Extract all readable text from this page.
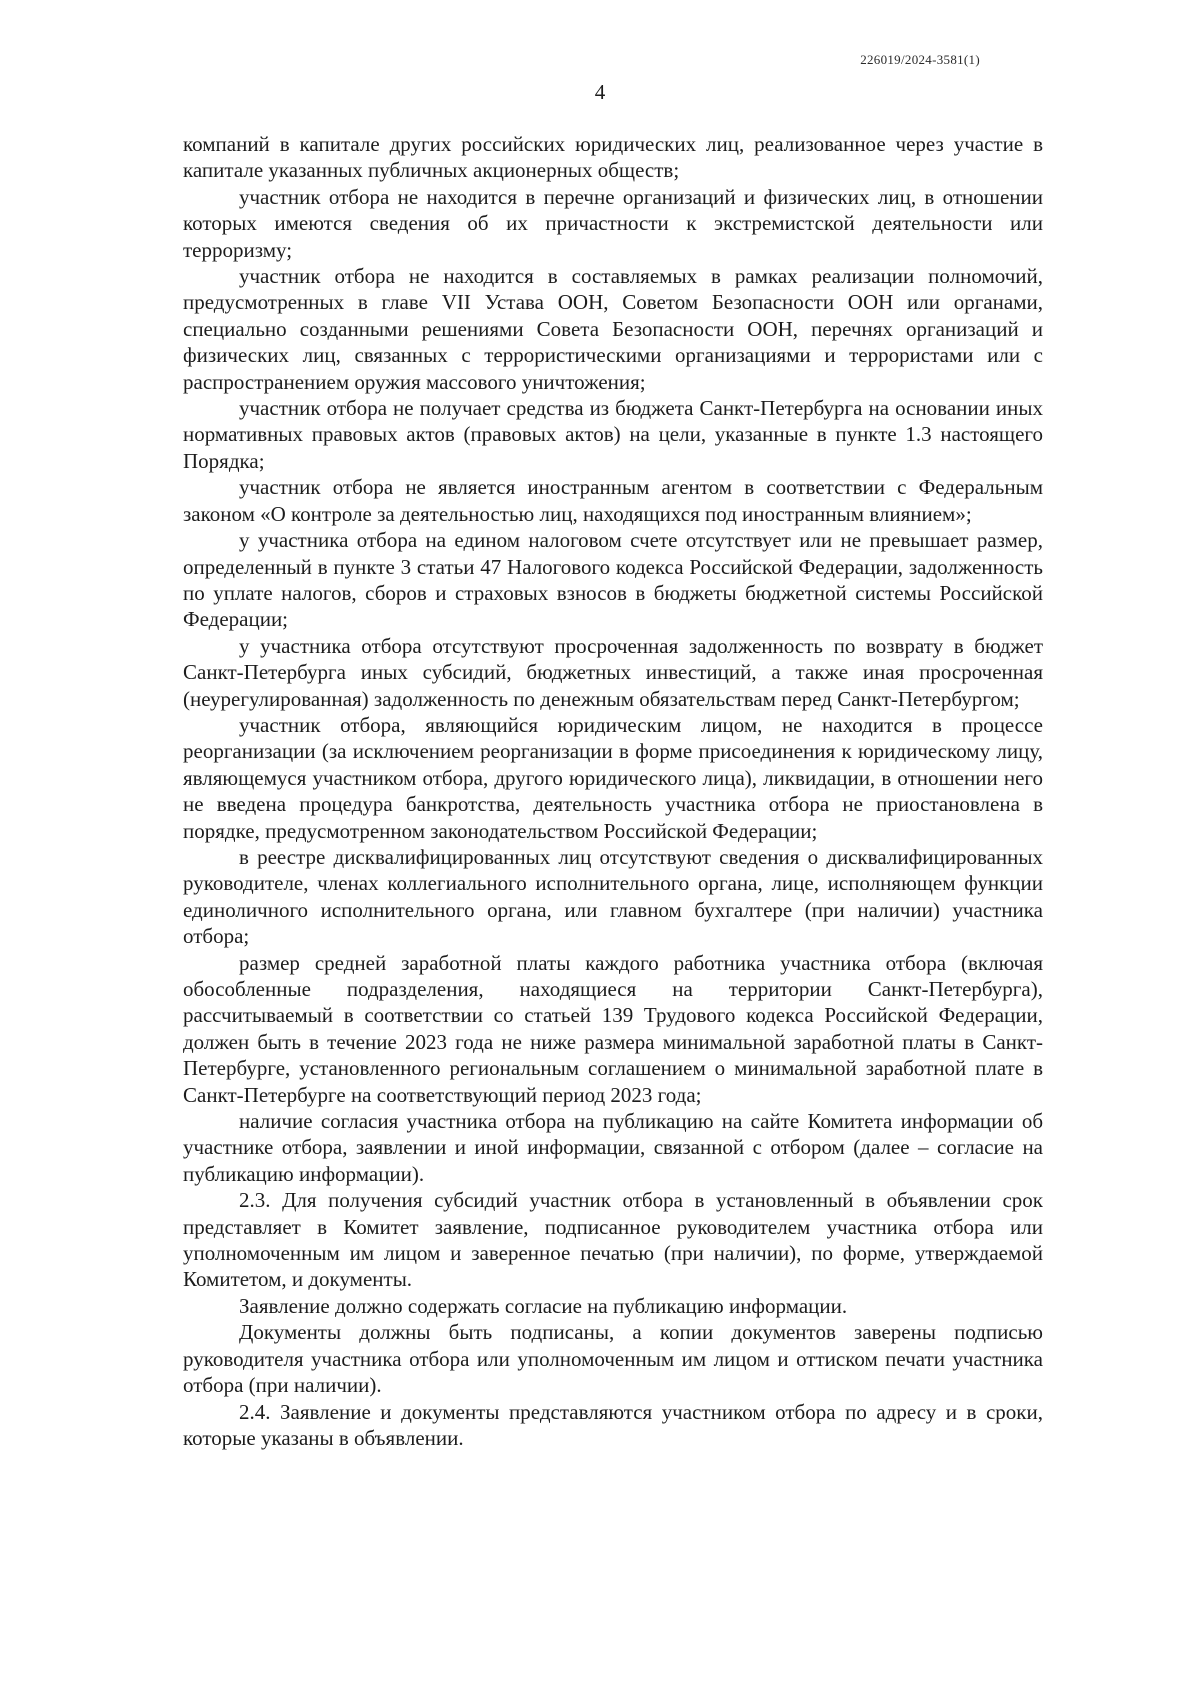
226019/2024-3581(1)
4

компаний в капитале других российских юридических лиц, реализованное через участие в капитале указанных публичных акционерных обществ;

участник отбора не находится в перечне организаций и физических лиц, в отношении которых имеются сведения об их причастности к экстремистской деятельности или терроризму;

участник отбора не находится в составляемых в рамках реализации полномочий, предусмотренных в главе VII Устава ООН, Советом Безопасности ООН или органами, специально созданными решениями Совета Безопасности ООН, перечнях организаций и физических лиц, связанных с террористическими организациями и террористами или с распространением оружия массового уничтожения;

участник отбора не получает средства из бюджета Санкт-Петербурга на основании иных нормативных правовых актов (правовых актов) на цели, указанные в пункте 1.3 настоящего Порядка;

участник отбора не является иностранным агентом в соответствии с Федеральным законом «О контроле за деятельностью лиц, находящихся под иностранным влиянием»;

у участника отбора на едином налоговом счете отсутствует или не превышает размер, определенный в пункте 3 статьи 47 Налогового кодекса Российской Федерации, задолженность по уплате налогов, сборов и страховых взносов в бюджеты бюджетной системы Российской Федерации;

у участника отбора отсутствуют просроченная задолженность по возврату в бюджет Санкт-Петербурга иных субсидий, бюджетных инвестиций, а также иная просроченная (неурегулированная) задолженность по денежным обязательствам перед Санкт-Петербургом;

участник отбора, являющийся юридическим лицом, не находится в процессе реорганизации (за исключением реорганизации в форме присоединения к юридическому лицу, являющемуся участником отбора, другого юридического лица), ликвидации, в отношении него не введена процедура банкротства, деятельность участника отбора не приостановлена в порядке, предусмотренном законодательством Российской Федерации;

в реестре дисквалифицированных лиц отсутствуют сведения о дисквалифицированных руководителе, членах коллегиального исполнительного органа, лице, исполняющем функции единоличного исполнительного органа, или главном бухгалтере (при наличии) участника отбора;

размер средней заработной платы каждого работника участника отбора (включая обособленные подразделения, находящиеся на территории Санкт-Петербурга), рассчитываемый в соответствии со статьей 139 Трудового кодекса Российской Федерации, должен быть в течение 2023 года не ниже размера минимальной заработной платы в Санкт-Петербурге, установленного региональным соглашением о минимальной заработной плате в Санкт-Петербурге на соответствующий период 2023 года;

наличие согласия участника отбора на публикацию на сайте Комитета информации об участнике отбора, заявлении и иной информации, связанной с отбором (далее – согласие на публикацию информации).

2.3. Для получения субсидий участник отбора в установленный в объявлении срок представляет в Комитет заявление, подписанное руководителем участника отбора или уполномоченным им лицом и заверенное печатью (при наличии), по форме, утверждаемой Комитетом, и документы.

Заявление должно содержать согласие на публикацию информации.

Документы должны быть подписаны, а копии документов заверены подписью руководителя участника отбора или уполномоченным им лицом и оттиском печати участника отбора (при наличии).

2.4. Заявление и документы представляются участником отбора по адресу и в сроки, которые указаны в объявлении.
